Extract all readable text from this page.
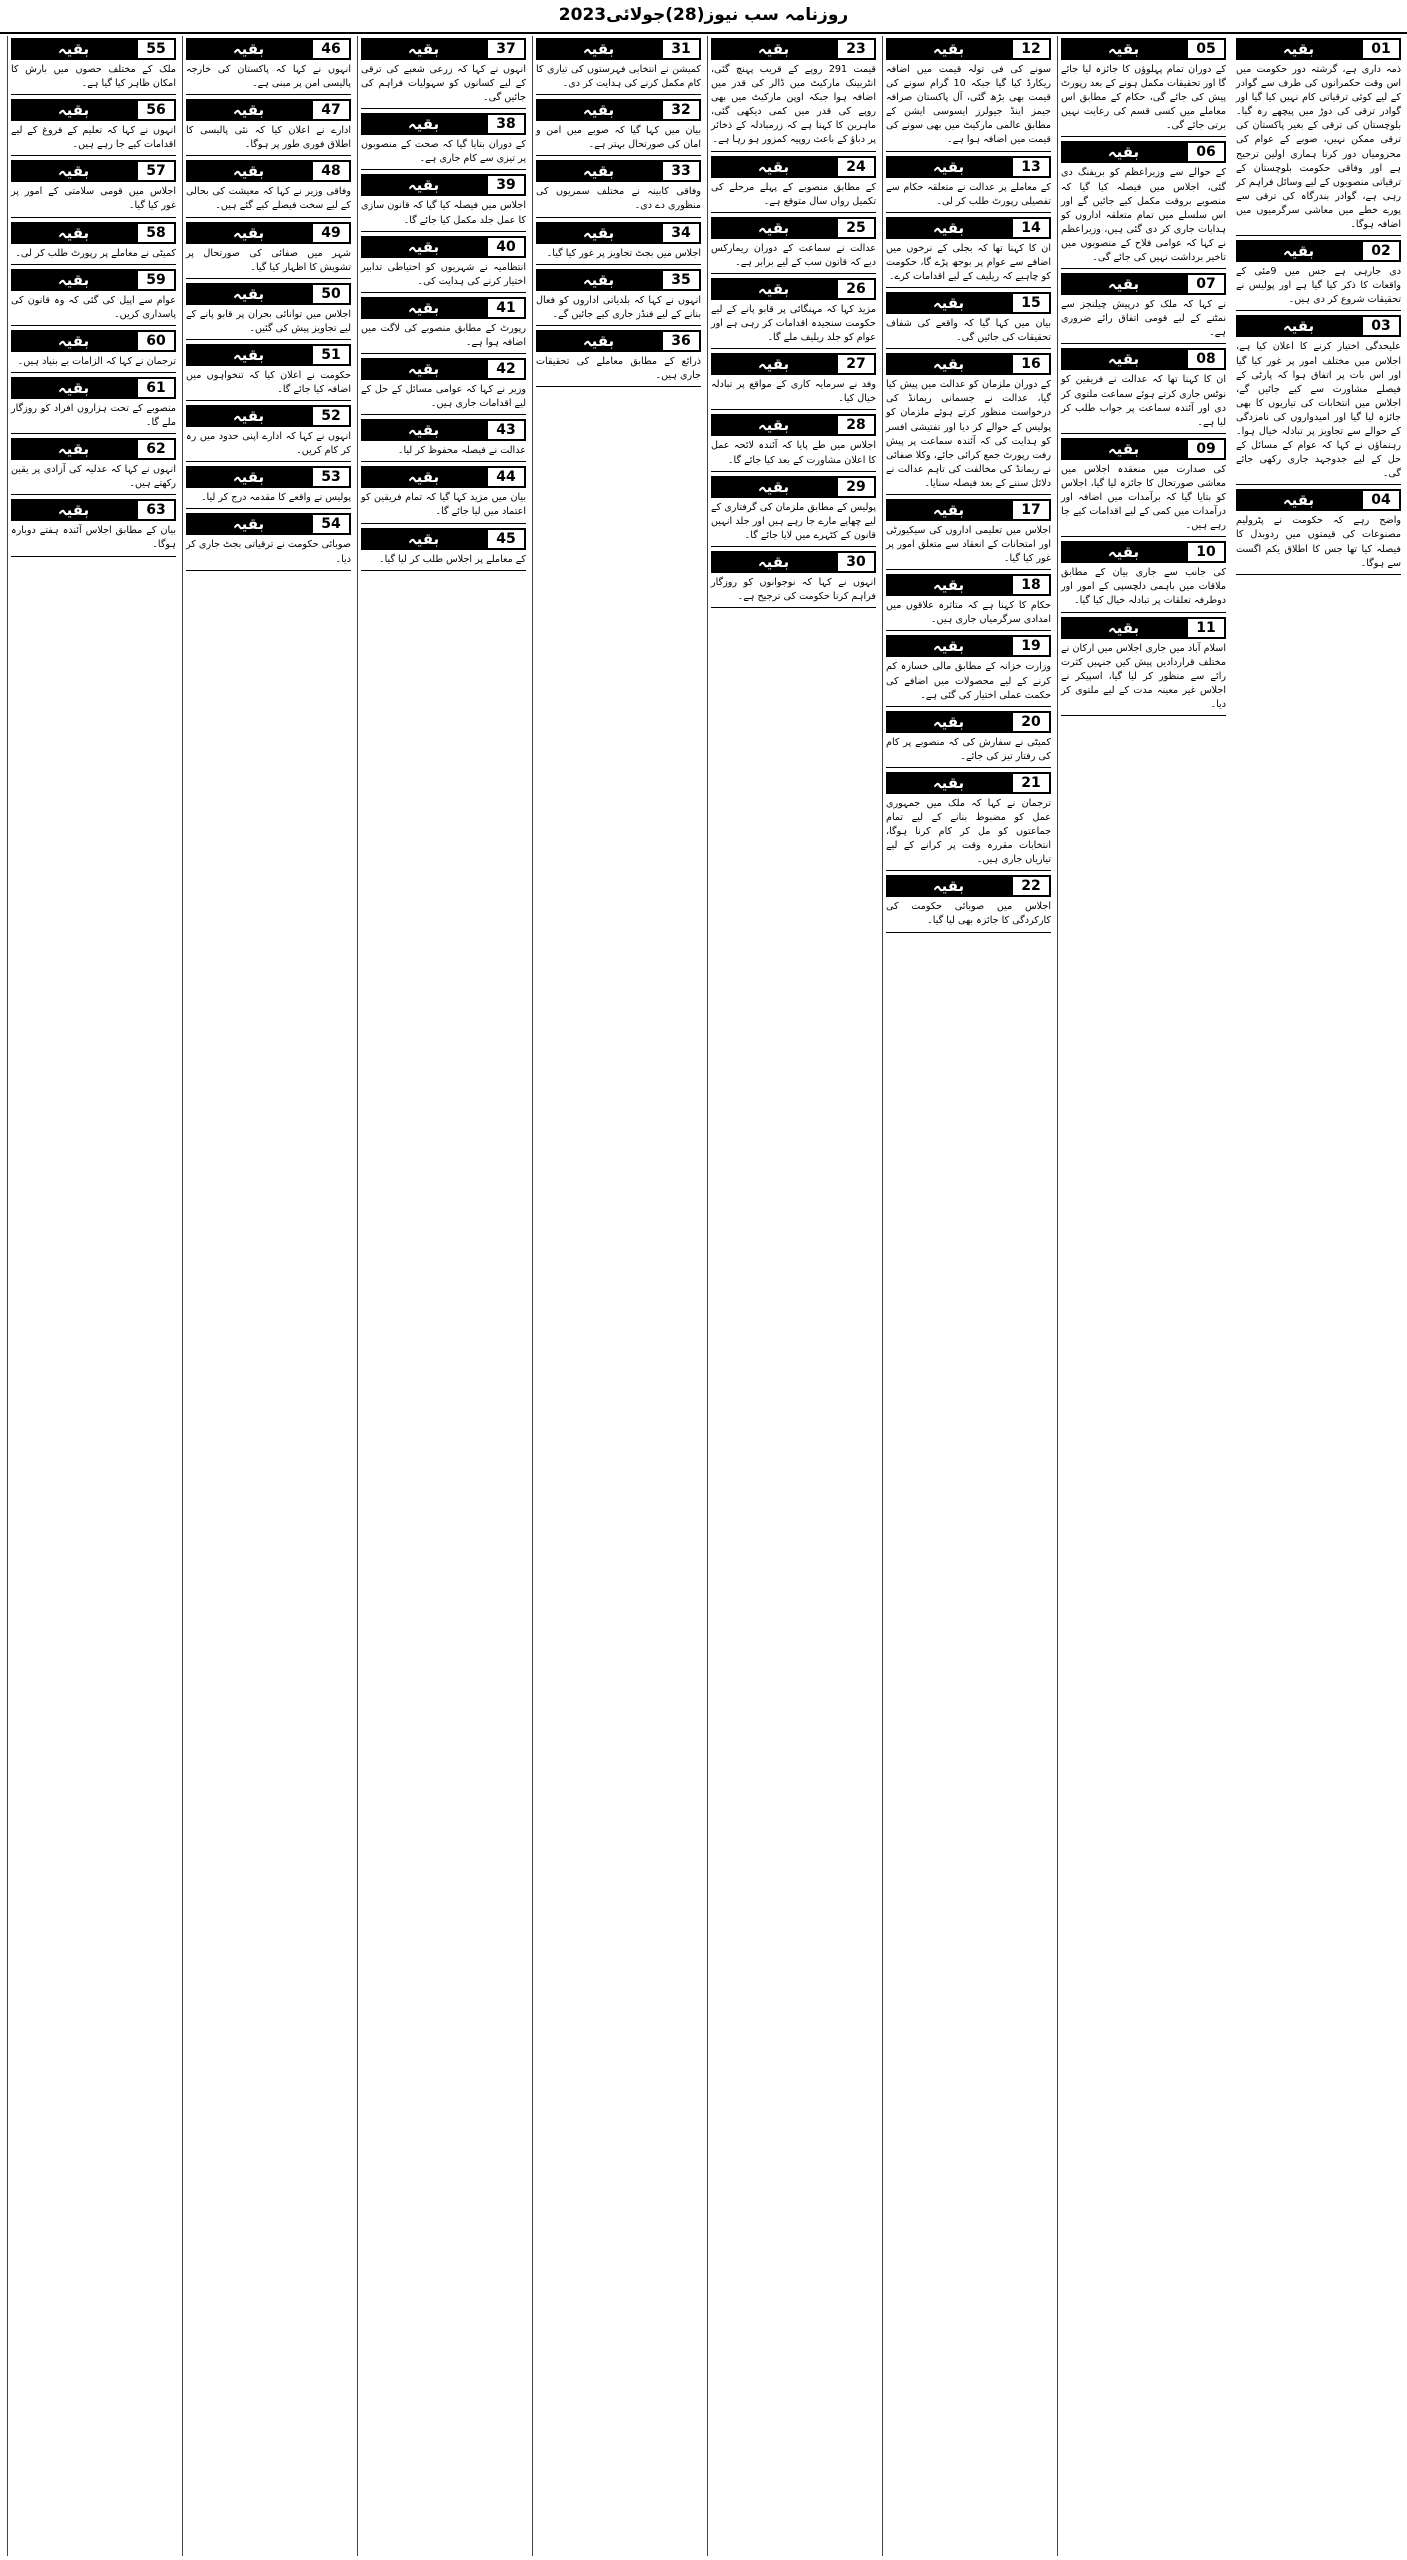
روزنامہ سب نیوز(28)جولائی2023
بقیہ	01

ذمہ داری ہے، گرشتہ دور حکومت میں اس وقت حکمرانوں کی طرف سے گوادر کے لیے کوئی ترقیاتی کام نہیں کیا گیا اور گوادر ترقی کی دوڑ میں پیچھے رہ گیا۔ بلوچستان کی ترقی کے بغیر پاکستان کی ترقی ممکن نہیں، صوبے کے عوام کی محرومیاں دور کرنا ہماری اولین ترجیح ہے اور وفاقی حکومت بلوچستان کے ترقیاتی منصوبوں کے لیے وسائل فراہم کر رہی ہے، گوادر بندرگاہ کی ترقی سے پورے خطے میں معاشی سرگرمیوں میں اضافہ ہوگا۔

بقیہ	02

دی جارہی ہے جس میں 9مئی کے واقعات کا ذکر کیا گیا ہے اور پولیس نے تحقیقات شروع کر دی ہیں۔

بقیہ	03

علیحدگی اختیار کرنے کا اعلان کیا ہے، اجلاس میں مختلف امور پر غور کیا گیا اور اس بات پر اتفاق ہوا کہ پارٹی کے فیصلے مشاورت سے کیے جائیں گے، اجلاس میں انتخابات کی تیاریوں کا بھی جائزہ لیا گیا اور امیدواروں کی نامزدگی کے حوالے سے تجاویز پر تبادلہ خیال ہوا۔ رہنماؤں نے کہا کہ عوام کے مسائل کے حل کے لیے جدوجہد جاری رکھی جائے گی۔

بقیہ	04

واضح رہے کہ حکومت نے پٹرولیم مصنوعات کی قیمتوں میں ردوبدل کا فیصلہ کیا تھا جس کا اطلاق یکم اگست سے ہوگا۔

بقیہ	05

کے دوران تمام پہلوؤں کا جائزہ لیا جائے گا اور تحقیقات مکمل ہونے کے بعد رپورٹ پیش کی جائے گی، حکام کے مطابق اس معاملے میں کسی قسم کی رعایت نہیں برتی جائے گی۔

بقیہ	06

کے حوالے سے وزیراعظم کو بریفنگ دی گئی، اجلاس میں فیصلہ کیا گیا کہ منصوبے بروقت مکمل کیے جائیں گے اور اس سلسلے میں تمام متعلقہ اداروں کو ہدایات جاری کر دی گئی ہیں، وزیراعظم نے کہا کہ عوامی فلاح کے منصوبوں میں تاخیر برداشت نہیں کی جائے گی۔

بقیہ	07

نے کہا کہ ملک کو درپیش چیلنجز سے نمٹنے کے لیے قومی اتفاق رائے ضروری ہے۔

بقیہ	08

ان کا کہنا تھا کہ عدالت نے فریقین کو نوٹس جاری کرتے ہوئے سماعت ملتوی کر دی اور آئندہ سماعت پر جواب طلب کر لیا ہے۔

بقیہ	09

کی صدارت میں منعقدہ اجلاس میں معاشی صورتحال کا جائزہ لیا گیا، اجلاس کو بتایا گیا کہ برآمدات میں اضافہ اور درآمدات میں کمی کے لیے اقدامات کیے جا رہے ہیں۔

بقیہ	10

کی جانب سے جاری بیان کے مطابق ملاقات میں باہمی دلچسپی کے امور اور دوطرفہ تعلقات پر تبادلہ خیال کیا گیا۔

بقیہ	11

اسلام آباد میں جاری اجلاس میں ارکان نے مختلف قراردادیں پیش کیں جنہیں کثرت رائے سے منظور کر لیا گیا، اسپیکر نے اجلاس غیر معینہ مدت کے لیے ملتوی کر دیا۔

بقیہ	12

سونے کی فی تولہ قیمت میں اضافہ ریکارڈ کیا گیا جبکہ 10 گرام سونے کی قیمت بھی بڑھ گئی، آل پاکستان صرافہ جیمز اینڈ جیولرز ایسوسی ایشن کے مطابق عالمی مارکیٹ میں بھی سونے کی قیمت میں اضافہ ہوا ہے۔

بقیہ	13

کے معاملے پر عدالت نے متعلقہ حکام سے تفصیلی رپورٹ طلب کر لی۔

بقیہ	14

ان کا کہنا تھا کہ بجلی کے نرخوں میں اضافے سے عوام پر بوجھ پڑے گا، حکومت کو چاہیے کہ ریلیف کے لیے اقدامات کرے۔

بقیہ	15

بیان میں کہا گیا کہ واقعے کی شفاف تحقیقات کی جائیں گی۔

بقیہ	16

کے دوران ملزمان کو عدالت میں پیش کیا گیا، عدالت نے جسمانی ریمانڈ کی درخواست منظور کرتے ہوئے ملزمان کو پولیس کے حوالے کر دیا اور تفتیشی افسر کو ہدایت کی کہ آئندہ سماعت پر پیش رفت رپورٹ جمع کرائی جائے، وکلا صفائی نے ریمانڈ کی مخالفت کی تاہم عدالت نے دلائل سننے کے بعد فیصلہ سنایا۔

بقیہ	17

اجلاس میں تعلیمی اداروں کی سیکیورٹی اور امتحانات کے انعقاد سے متعلق امور پر غور کیا گیا۔

بقیہ	18

حکام کا کہنا ہے کہ متاثرہ علاقوں میں امدادی سرگرمیاں جاری ہیں۔

بقیہ	19

وزارت خزانہ کے مطابق مالی خسارہ کم کرنے کے لیے محصولات میں اضافے کی حکمت عملی اختیار کی گئی ہے۔

بقیہ	20

کمیٹی نے سفارش کی کہ منصوبے پر کام کی رفتار تیز کی جائے۔

بقیہ	21

ترجمان نے کہا کہ ملک میں جمہوری عمل کو مضبوط بنانے کے لیے تمام جماعتوں کو مل کر کام کرنا ہوگا، انتخابات مقررہ وقت پر کرانے کے لیے تیاریاں جاری ہیں۔

بقیہ	22

اجلاس میں صوبائی حکومت کی کارکردگی کا جائزہ بھی لیا گیا۔

بقیہ	23

قیمت 291 روپے کے قریب پہنچ گئی، انٹربینک مارکیٹ میں ڈالر کی قدر میں اضافہ ہوا جبکہ اوپن مارکیٹ میں بھی روپے کی قدر میں کمی دیکھی گئی، ماہرین کا کہنا ہے کہ زرمبادلہ کے ذخائر پر دباؤ کے باعث روپیہ کمزور ہو رہا ہے۔

بقیہ	24

کے مطابق منصوبے کے پہلے مرحلے کی تکمیل رواں سال متوقع ہے۔

بقیہ	25

عدالت نے سماعت کے دوران ریمارکس دیے کہ قانون سب کے لیے برابر ہے۔

بقیہ	26

مزید کہا کہ مہنگائی پر قابو پانے کے لیے حکومت سنجیدہ اقدامات کر رہی ہے اور عوام کو جلد ریلیف ملے گا۔

بقیہ	27

وفد نے سرمایہ کاری کے مواقع پر تبادلہ خیال کیا۔

بقیہ	28

اجلاس میں طے پایا کہ آئندہ لائحہ عمل کا اعلان مشاورت کے بعد کیا جائے گا۔

بقیہ	29

پولیس کے مطابق ملزمان کی گرفتاری کے لیے چھاپے مارے جا رہے ہیں اور جلد انہیں قانون کے کٹہرے میں لایا جائے گا۔

بقیہ	30

انہوں نے کہا کہ نوجوانوں کو روزگار فراہم کرنا حکومت کی ترجیح ہے۔

بقیہ	31

کمیشن نے انتخابی فہرستوں کی تیاری کا کام مکمل کرنے کی ہدایت کر دی۔

بقیہ	32

بیان میں کہا گیا کہ صوبے میں امن و امان کی صورتحال بہتر ہے۔

بقیہ	33

وفاقی کابینہ نے مختلف سمریوں کی منظوری دے دی۔

بقیہ	34

اجلاس میں بجٹ تجاویز پر غور کیا گیا۔

بقیہ	35

انہوں نے کہا کہ بلدیاتی اداروں کو فعال بنانے کے لیے فنڈز جاری کیے جائیں گے۔

بقیہ	36

ذرائع کے مطابق معاملے کی تحقیقات جاری ہیں۔

بقیہ	37

انہوں نے کہا کہ زرعی شعبے کی ترقی کے لیے کسانوں کو سہولیات فراہم کی جائیں گی۔

بقیہ	38

کے دوران بتایا گیا کہ صحت کے منصوبوں پر تیزی سے کام جاری ہے۔

بقیہ	39

اجلاس میں فیصلہ کیا گیا کہ قانون سازی کا عمل جلد مکمل کیا جائے گا۔

بقیہ	40

انتظامیہ نے شہریوں کو احتیاطی تدابیر اختیار کرنے کی ہدایت کی۔

بقیہ	41

رپورٹ کے مطابق منصوبے کی لاگت میں اضافہ ہوا ہے۔

بقیہ	42

وزیر نے کہا کہ عوامی مسائل کے حل کے لیے اقدامات جاری ہیں۔

بقیہ	43

عدالت نے فیصلہ محفوظ کر لیا۔

بقیہ	44

بیان میں مزید کہا گیا کہ تمام فریقین کو اعتماد میں لیا جائے گا۔

بقیہ	45

کے معاملے پر اجلاس طلب کر لیا گیا۔

بقیہ	46

انہوں نے کہا کہ پاکستان کی خارجہ پالیسی امن پر مبنی ہے۔

بقیہ	47

ادارے نے اعلان کیا کہ نئی پالیسی کا اطلاق فوری طور پر ہوگا۔

بقیہ	48

وفاقی وزیر نے کہا کہ معیشت کی بحالی کے لیے سخت فیصلے کیے گئے ہیں۔

بقیہ	49

شہر میں صفائی کی صورتحال پر تشویش کا اظہار کیا گیا۔

بقیہ	50

اجلاس میں توانائی بحران پر قابو پانے کے لیے تجاویز پیش کی گئیں۔

بقیہ	51

حکومت نے اعلان کیا کہ تنخواہوں میں اضافہ کیا جائے گا۔

بقیہ	52

انہوں نے کہا کہ ادارے اپنی حدود میں رہ کر کام کریں۔

بقیہ	53

پولیس نے واقعے کا مقدمہ درج کر لیا۔

بقیہ	54

صوبائی حکومت نے ترقیاتی بجٹ جاری کر دیا۔

بقیہ	55

ملک کے مختلف حصوں میں بارش کا امکان ظاہر کیا گیا ہے۔

بقیہ	56

انہوں نے کہا کہ تعلیم کے فروغ کے لیے اقدامات کیے جا رہے ہیں۔

بقیہ	57

اجلاس میں قومی سلامتی کے امور پر غور کیا گیا۔

بقیہ	58

کمیٹی نے معاملے پر رپورٹ طلب کر لی۔

بقیہ	59

عوام سے اپیل کی گئی کہ وہ قانون کی پاسداری کریں۔

بقیہ	60

ترجمان نے کہا کہ الزامات بے بنیاد ہیں۔

بقیہ	61

منصوبے کے تحت ہزاروں افراد کو روزگار ملے گا۔

بقیہ	62

انہوں نے کہا کہ عدلیہ کی آزادی پر یقین رکھتے ہیں۔

بقیہ	63

بیان کے مطابق اجلاس آئندہ ہفتے دوبارہ ہوگا۔
